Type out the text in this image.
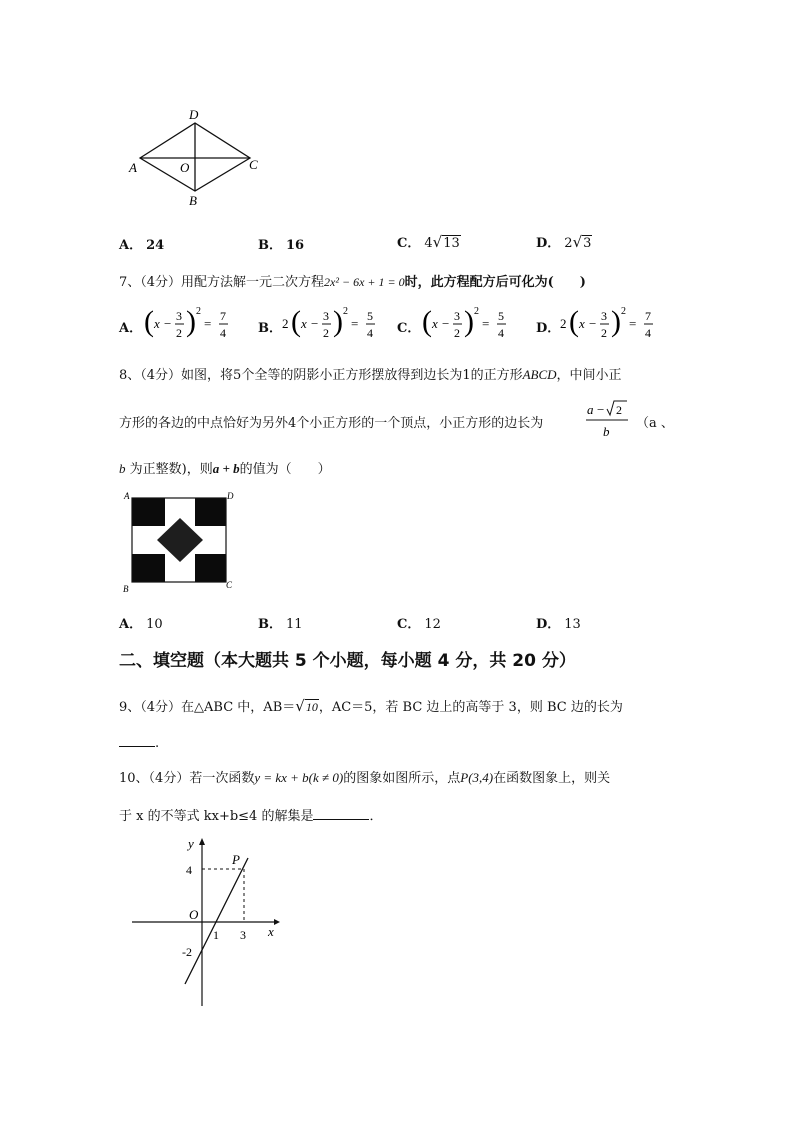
D
A	O	C
B
A． 24	B． 16	C． 4√13	D． 2√3
7、（4分）用配方法解一元二次方程2x² − 6x + 1 = 0时，此方程配方后可化为(　　)
A． ( x − 3
2 ) 2
= 7
4 B． 2 ( x − 3
2 ) 2
= 5
4 C． ( x − 3
2 ) 2
= 5
4 D． 2 ( x − 3
2 ) 2
= 7
4
8、（4分）如图，将5个全等的阴影小正方形摆放得到边长为1的正方形ABCD，中间小正
方形的各边的中点恰好为另外4个小正方形的一个顶点，小正方形的边长为
a − 2
b
（a 、
b 为正整数)，则a + b的值为（　　）
A	D
B	C
A． 10	B． 11	C． 12	D． 13
二、填空题（本大题共 5 个小题，每小题 4 分，共 20 分）
9、（4分）在△ABC 中，AB＝√10，AC＝5，若 BC 边上的高等于 3，则 BC 边的长为
.
10、（4分）若一次函数y = kx + b(k ≠ 0)的图象如图所示，点P(3,4)在函数图象上，则关
于 x 的不等式 kx+b≤4 的解集是	．
y
x
O
P
1 3
4
-2
